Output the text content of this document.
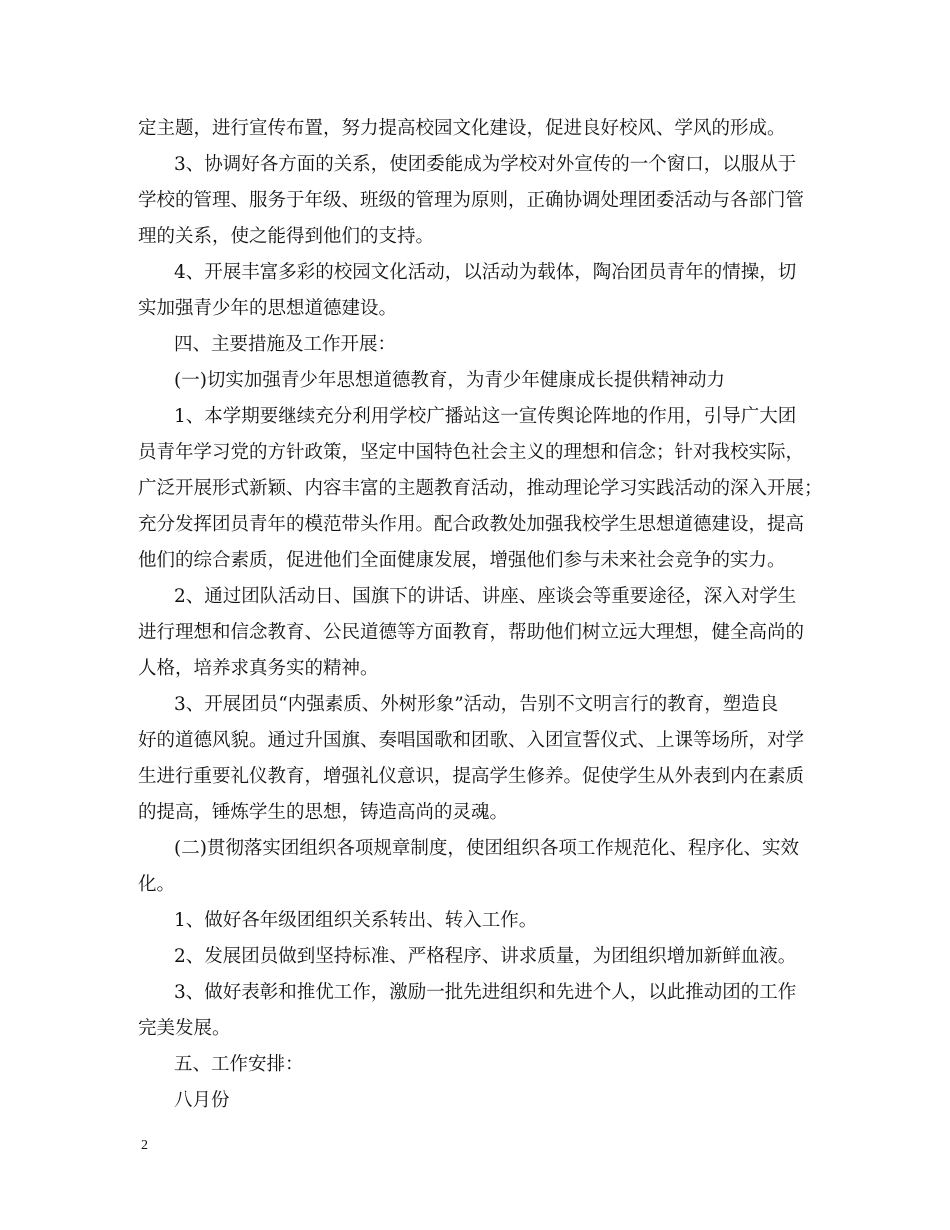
定主题，进行宣传布置，努力提高校园文化建设，促进良好校风、学风的形成。
3、协调好各方面的关系，使团委能成为学校对外宣传的一个窗口，以服从于
学校的管理、服务于年级、班级的管理为原则，正确协调处理团委活动与各部门管
理的关系，使之能得到他们的支持。
4、开展丰富多彩的校园文化活动，以活动为载体，陶冶团员青年的情操，切
实加强青少年的思想道德建设。
四、主要措施及工作开展：
(一)切实加强青少年思想道德教育，为青少年健康成长提供精神动力
1、本学期要继续充分利用学校广播站这一宣传舆论阵地的作用，引导广大团
员青年学习党的方针政策，坚定中国特色社会主义的理想和信念；针对我校实际，
广泛开展形式新颖、内容丰富的主题教育活动，推动理论学习实践活动的深入开展；
充分发挥团员青年的模范带头作用。配合政教处加强我校学生思想道德建设，提高
他们的综合素质，促进他们全面健康发展，增强他们参与未来社会竞争的实力。
2、通过团队活动日、国旗下的讲话、讲座、座谈会等重要途径，深入对学生
进行理想和信念教育、公民道德等方面教育，帮助他们树立远大理想，健全高尚的
人格，培养求真务实的精神。
3、开展团员“内强素质、外树形象”活动，告别不文明言行的教育，塑造良
好的道德风貌。通过升国旗、奏唱国歌和团歌、入团宣誓仪式、上课等场所，对学
生进行重要礼仪教育，增强礼仪意识，提高学生修养。促使学生从外表到内在素质
的提高，锤炼学生的思想，铸造高尚的灵魂。
(二)贯彻落实团组织各项规章制度，使团组织各项工作规范化、程序化、实效
化。
1、做好各年级团组织关系转出、转入工作。
2、发展团员做到坚持标准、严格程序、讲求质量，为团组织增加新鲜血液。
3、做好表彰和推优工作，激励一批先进组织和先进个人，以此推动团的工作
完美发展。
五、工作安排：
八月份
2
